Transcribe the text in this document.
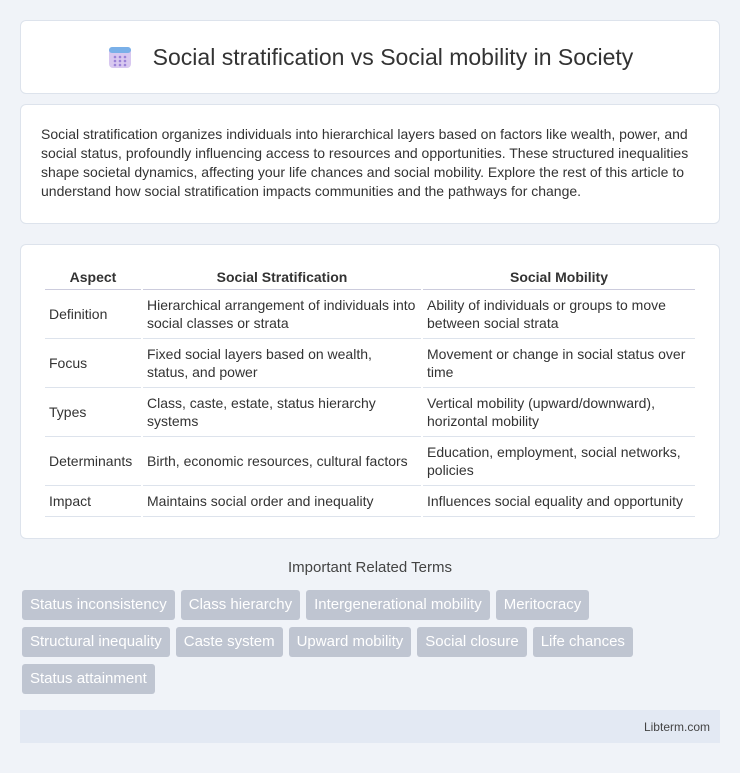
Social stratification vs Social mobility in Society

Social stratification organizes individuals into hierarchical layers based on factors like wealth, power, and social status, profoundly influencing access to resources and opportunities. These structured inequalities shape societal dynamics, affecting your life chances and social mobility. Explore the rest of this article to understand how social stratification impacts communities and the pathways for change.

Aspect	Social Stratification	Social Mobility
Definition	Hierarchical arrangement of individuals into social classes or strata	Ability of individuals or groups to move between social strata
Focus	Fixed social layers based on wealth, status, and power	Movement or change in social status over time
Types	Class, caste, estate, status hierarchy systems	Vertical mobility (upward/downward), horizontal mobility
Determinants	Birth, economic resources, cultural factors	Education, employment, social networks, policies
Impact	Maintains social order and inequality	Influences social equality and opportunity
Important Related Terms
Status inconsistency	Class hierarchy	Intergenerational mobility	Meritocracy
Structural inequality	Caste system	Upward mobility	Social closure	Life chances
Status attainment
Libterm.com
